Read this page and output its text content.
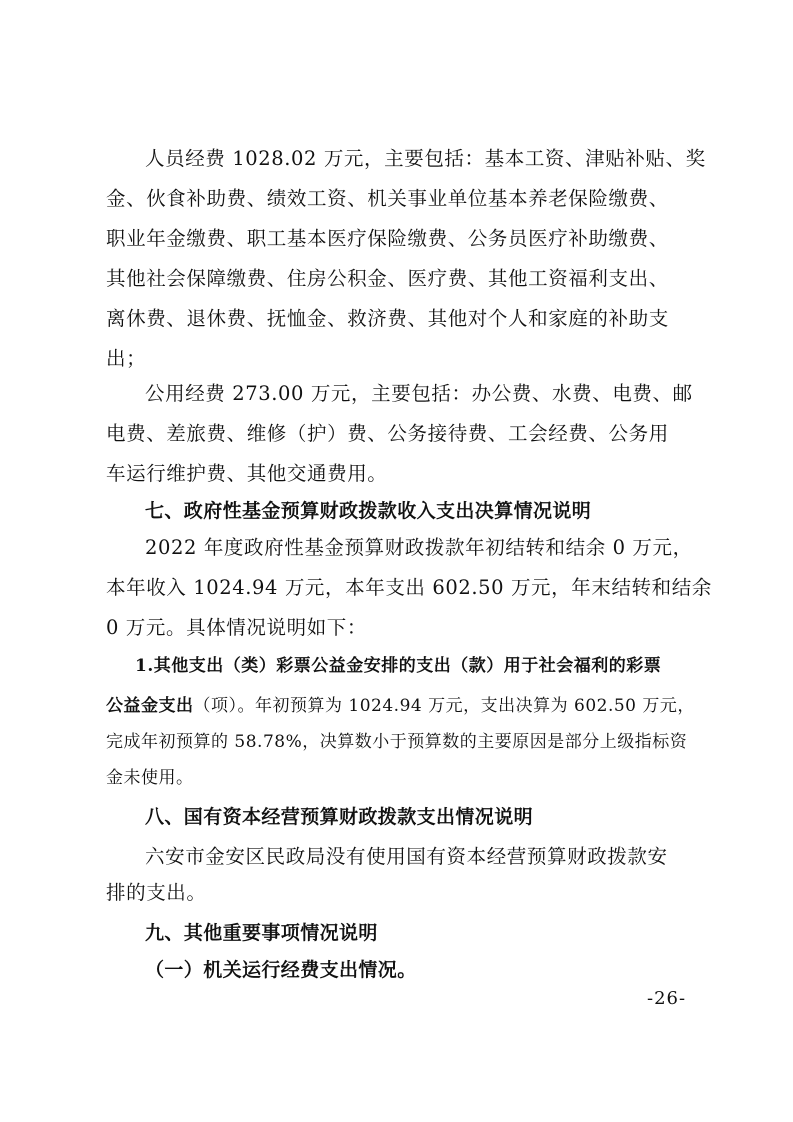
人员经费 1028.02 万元，主要包括：基本工资、津贴补贴、奖

金、伙食补助费、绩效工资、机关事业单位基本养老保险缴费、

职业年金缴费、职工基本医疗保险缴费、公务员医疗补助缴费、

其他社会保障缴费、住房公积金、医疗费、其他工资福利支出、

离休费、退休费、抚恤金、救济费、其他对个人和家庭的补助支

出；

公用经费 273.00 万元，主要包括：办公费、水费、电费、邮

电费、差旅费、维修（护）费、公务接待费、工会经费、公务用

车运行维护费、其他交通费用。

七、政府性基金预算财政拨款收入支出决算情况说明

2022 年度政府性基金预算财政拨款年初结转和结余 0 万元，

本年收入 1024.94 万元，本年支出 602.50 万元，年末结转和结余

0 万元。具体情况说明如下：

1.其他支出（类）彩票公益金安排的支出（款）用于社会福利的彩票

公益金支出（项）。年初预算为 1024.94 万元，支出决算为 602.50 万元，

完成年初预算的 58.78%，决算数小于预算数的主要原因是部分上级指标资

金未使用。

八、国有资本经营预算财政拨款支出情况说明

六安市金安区民政局没有使用国有资本经营预算财政拨款安

排的支出。

九、其他重要事项情况说明

（一）机关运行经费支出情况。

-26-
